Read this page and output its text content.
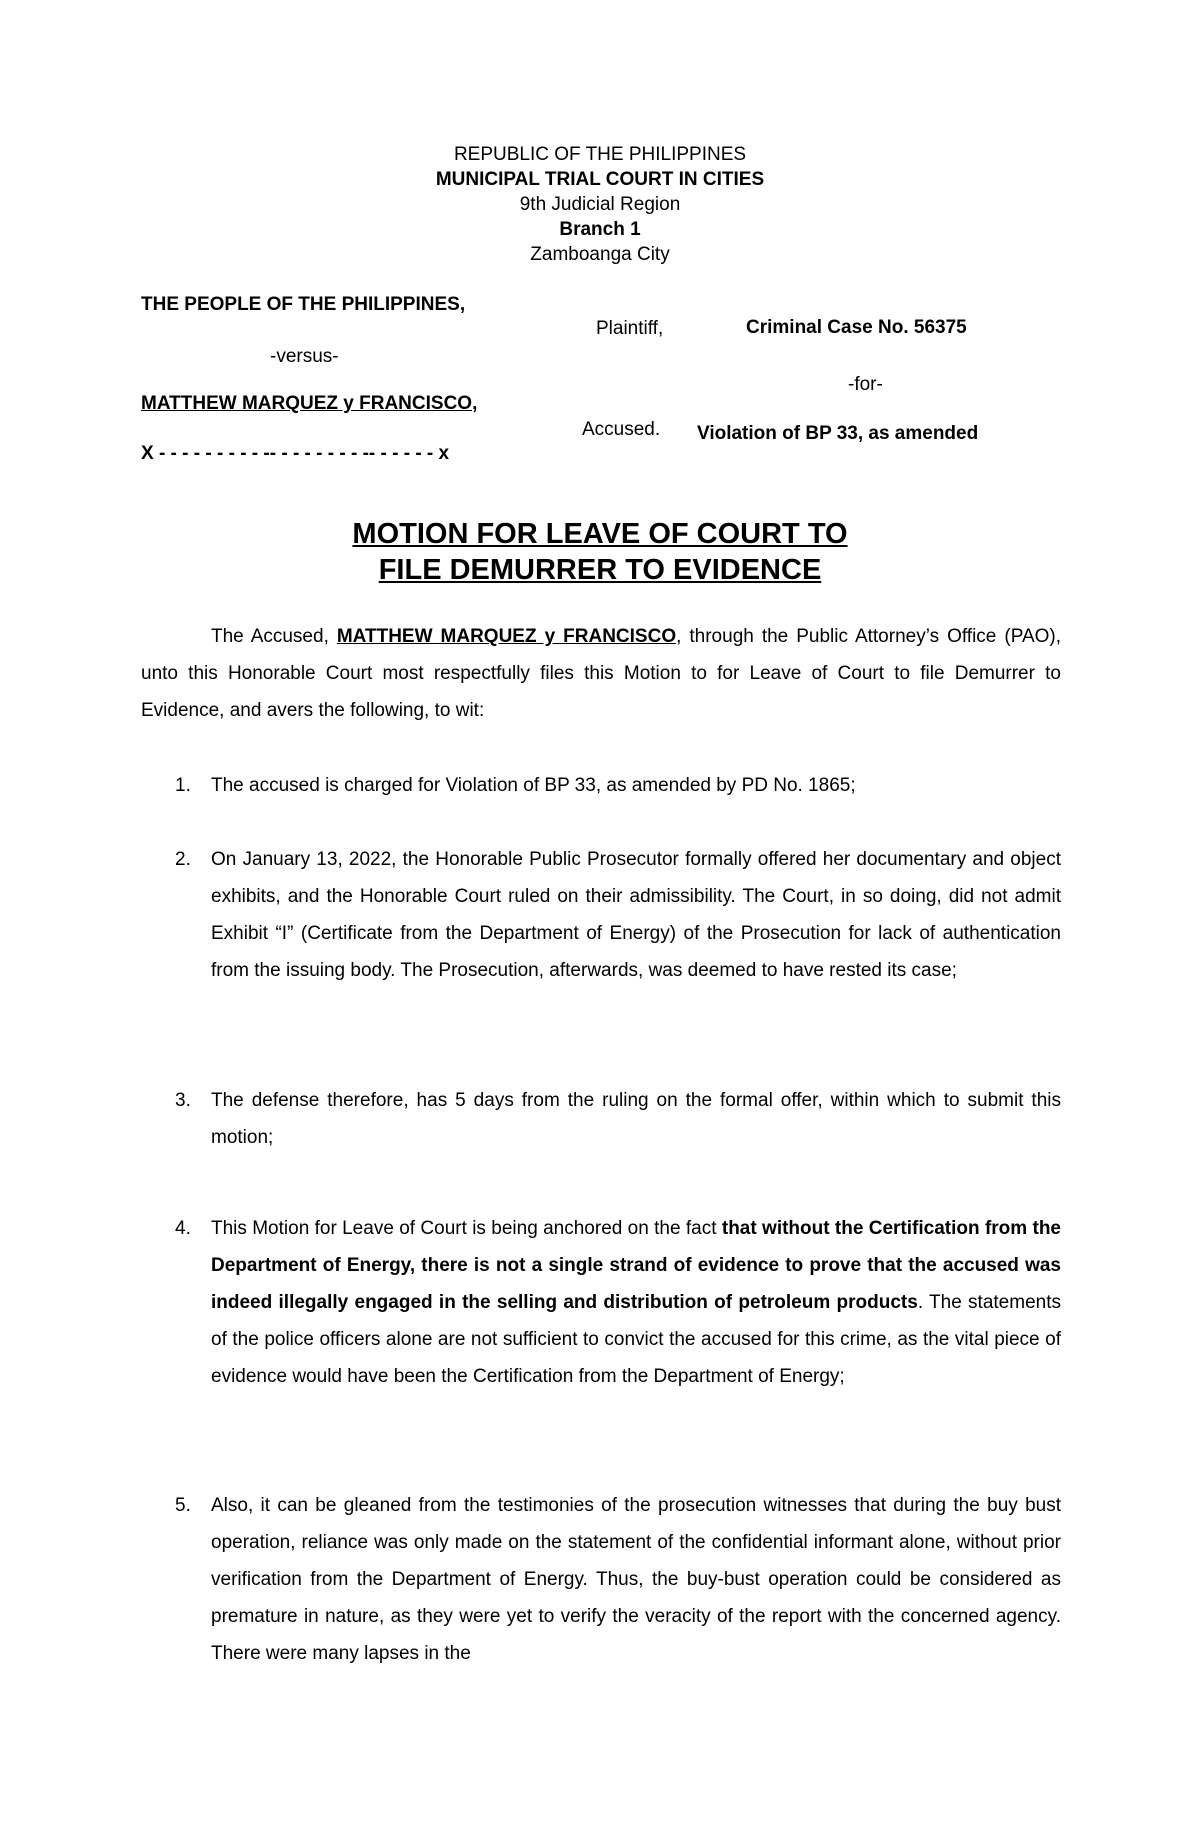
REPUBLIC OF THE PHILIPPINES
MUNICIPAL TRIAL COURT IN CITIES
9th Judicial Region
Branch 1
Zamboanga City
THE PEOPLE OF THE PHILIPPINES,
Plaintiff,	Criminal Case No. 56375
-versus-
-for-
MATTHEW MARQUEZ y FRANCISCO,
Accused. Violation of BP 33, as amended
X - - - - - - - - - -- - - - - - - - -- - - - - - x
MOTION FOR LEAVE OF COURT TO
FILE DEMURRER TO EVIDENCE
The Accused, MATTHEW MARQUEZ y FRANCISCO, through the Public Attorney’s Office (PAO), unto this Honorable Court most respectfully files this Motion to for Leave of Court to file Demurrer to Evidence, and avers the following, to wit:
1. The accused is charged for Violation of BP 33, as amended by PD No. 1865;
2. On January 13, 2022, the Honorable Public Prosecutor formally offered her documentary and object exhibits, and the Honorable Court ruled on their admissibility. The Court, in so doing, did not admit Exhibit “I” (Certificate from the Department of Energy) of the Prosecution for lack of authentication from the issuing body. The Prosecution, afterwards, was deemed to have rested its case;
3. The defense therefore, has 5 days from the ruling on the formal offer, within which to submit this motion;
4. This Motion for Leave of Court is being anchored on the fact that without the Certification from the Department of Energy, there is not a single strand of evidence to prove that the accused was indeed illegally engaged in the selling and distribution of petroleum products. The statements of the police officers alone are not sufficient to convict the accused for this crime, as the vital piece of evidence would have been the Certification from the Department of Energy;
5. Also, it can be gleaned from the testimonies of the prosecution witnesses that during the buy bust operation, reliance was only made on the statement of the confidential informant alone, without prior verification from the Department of Energy. Thus, the buy-bust operation could be considered as premature in nature, as they were yet to verify the veracity of the report with the concerned agency. There were many lapses in the
